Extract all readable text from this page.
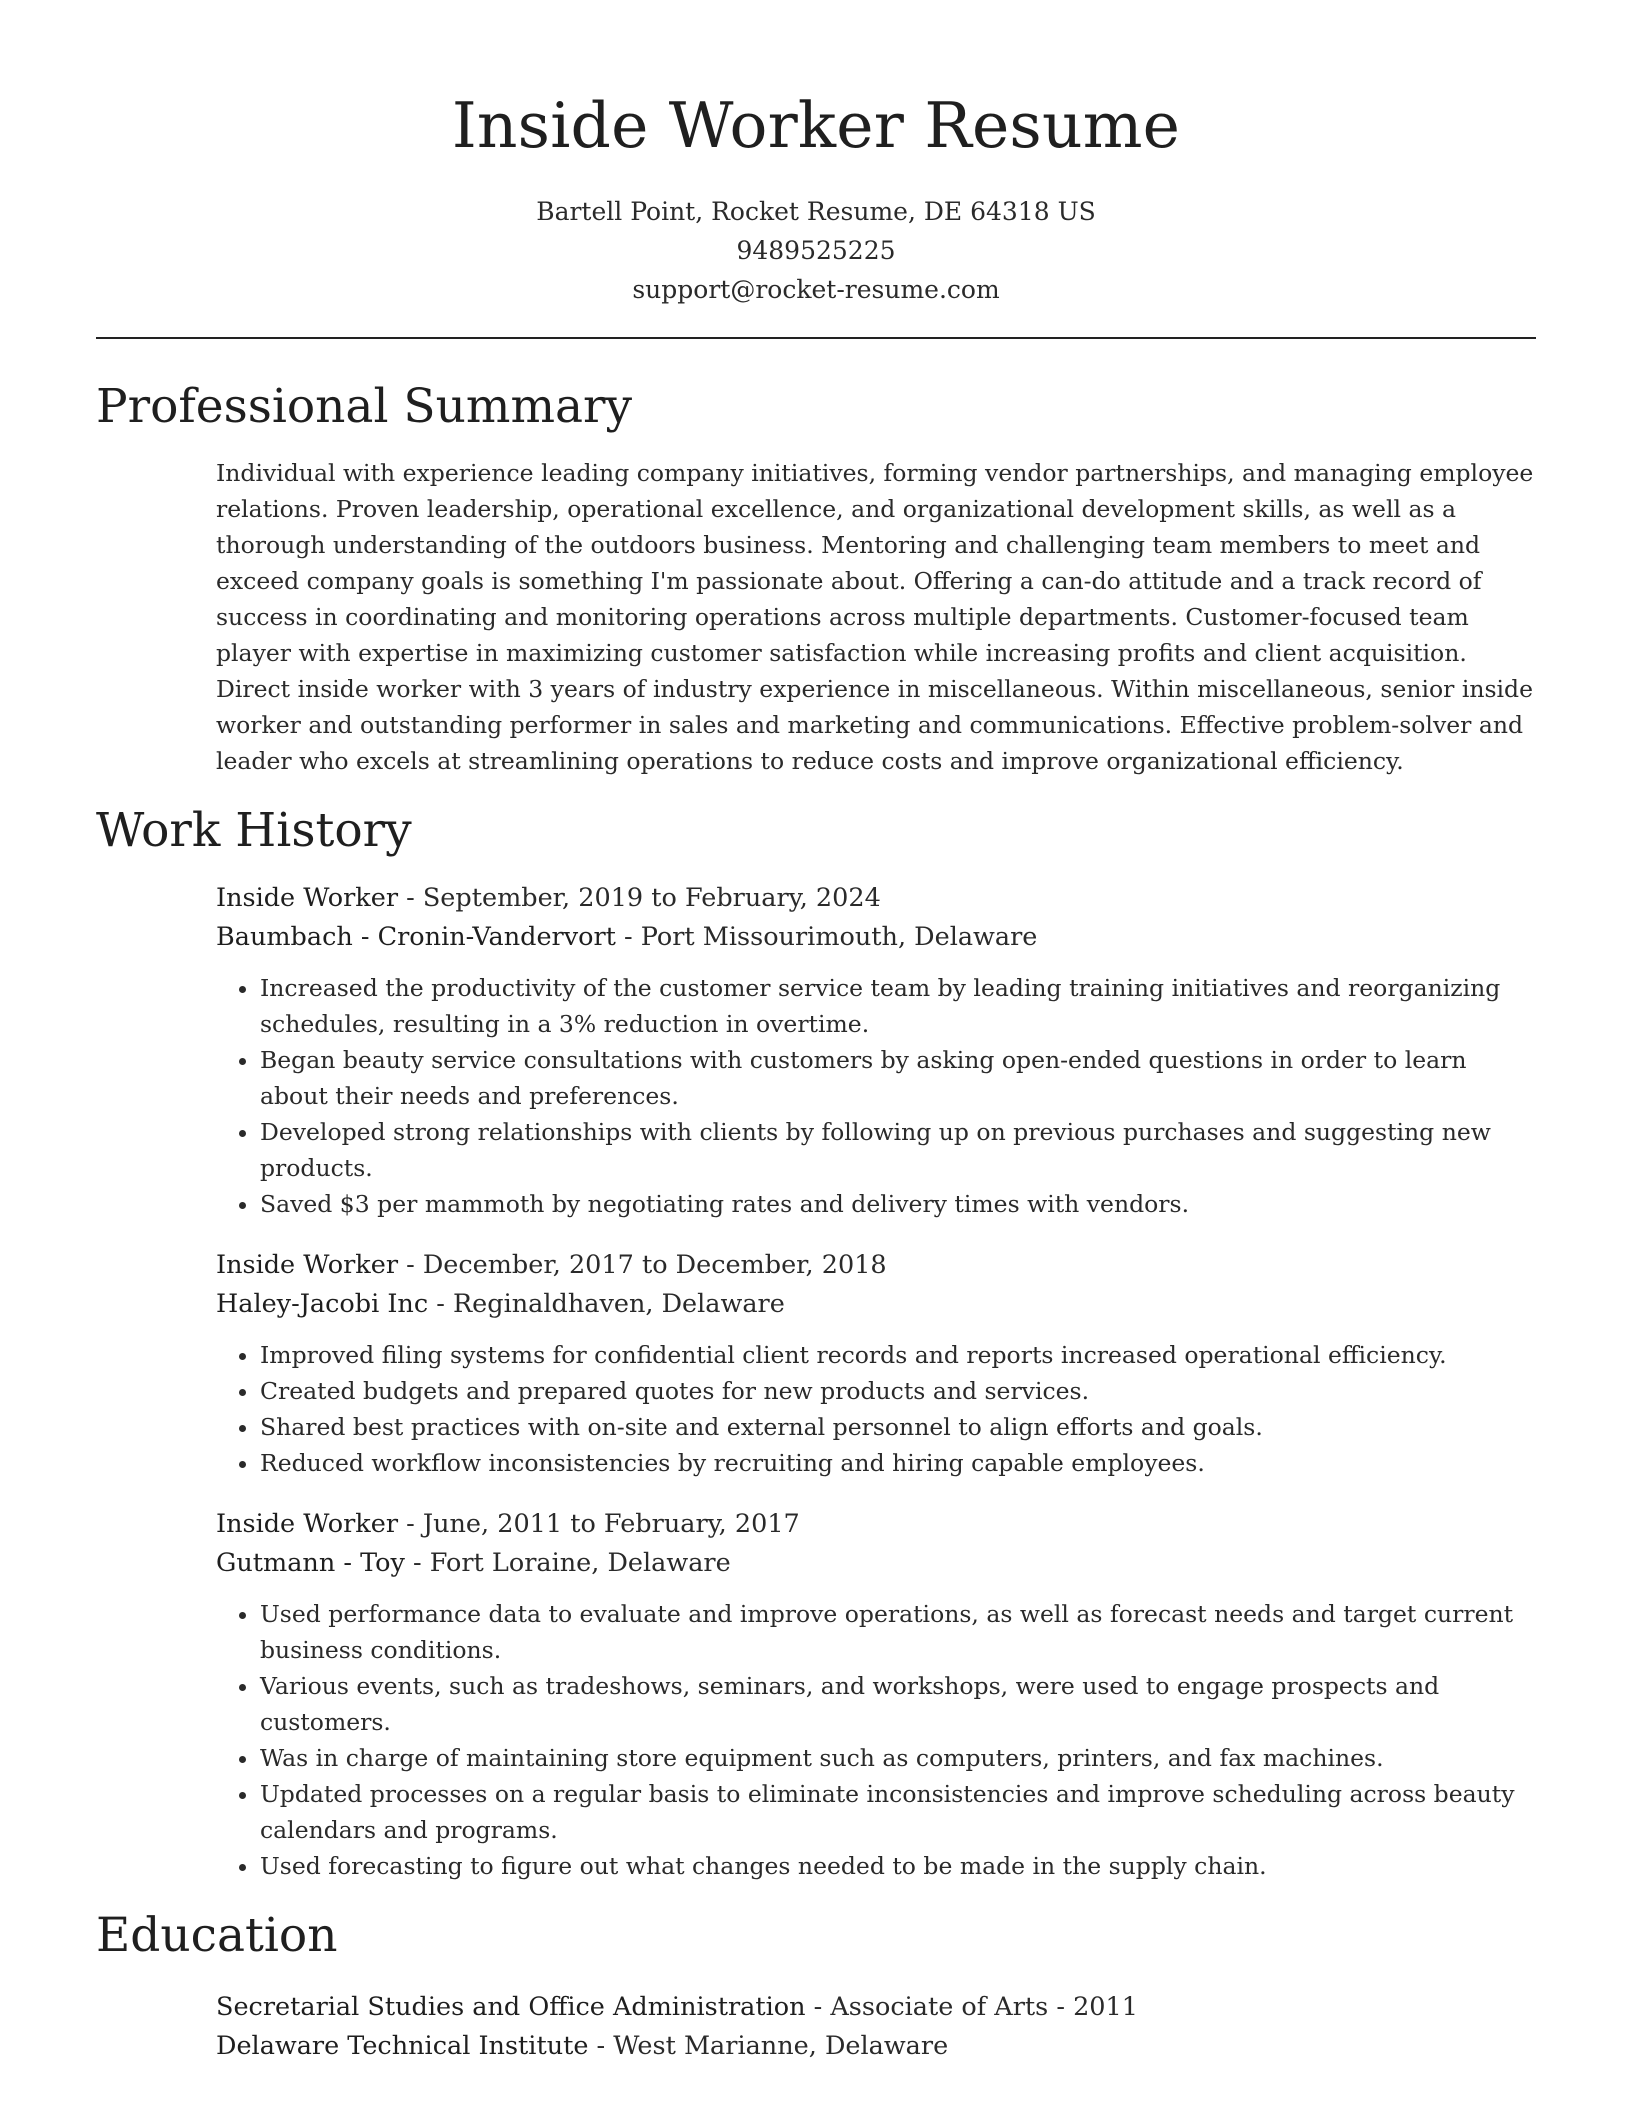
Inside Worker Resume
Bartell Point, Rocket Resume, DE 64318 US
9489525225
support@rocket-resume.com
Professional Summary
Individual with experience leading company initiatives, forming vendor partnerships, and managing employee relations. Proven leadership, operational excellence, and organizational development skills, as well as a thorough understanding of the outdoors business. Mentoring and challenging team members to meet and exceed company goals is something I'm passionate about. Offering a can-do attitude and a track record of success in coordinating and monitoring operations across multiple departments. Customer-focused team player with expertise in maximizing customer satisfaction while increasing profits and client acquisition. Direct inside worker with 3 years of industry experience in miscellaneous. Within miscellaneous, senior inside worker and outstanding performer in sales and marketing and communications. Effective problem-solver and leader who excels at streamlining operations to reduce costs and improve organizational efficiency.
Work History
Inside Worker - September, 2019 to February, 2024
Baumbach - Cronin-Vandervort - Port Missourimouth, Delaware
• Increased the productivity of the customer service team by leading training initiatives and reorganizing schedules, resulting in a 3% reduction in overtime.
• Began beauty service consultations with customers by asking open-ended questions in order to learn about their needs and preferences.
• Developed strong relationships with clients by following up on previous purchases and suggesting new products.
• Saved $3 per mammoth by negotiating rates and delivery times with vendors.
Inside Worker - December, 2017 to December, 2018
Haley-Jacobi Inc - Reginaldhaven, Delaware
• Improved filing systems for confidential client records and reports increased operational efficiency.
• Created budgets and prepared quotes for new products and services.
• Shared best practices with on-site and external personnel to align efforts and goals.
• Reduced workflow inconsistencies by recruiting and hiring capable employees.
Inside Worker - June, 2011 to February, 2017
Gutmann - Toy - Fort Loraine, Delaware
• Used performance data to evaluate and improve operations, as well as forecast needs and target current business conditions.
• Various events, such as tradeshows, seminars, and workshops, were used to engage prospects and customers.
• Was in charge of maintaining store equipment such as computers, printers, and fax machines.
• Updated processes on a regular basis to eliminate inconsistencies and improve scheduling across beauty calendars and programs.
• Used forecasting to figure out what changes needed to be made in the supply chain.
Education
Secretarial Studies and Office Administration - Associate of Arts - 2011
Delaware Technical Institute - West Marianne, Delaware
